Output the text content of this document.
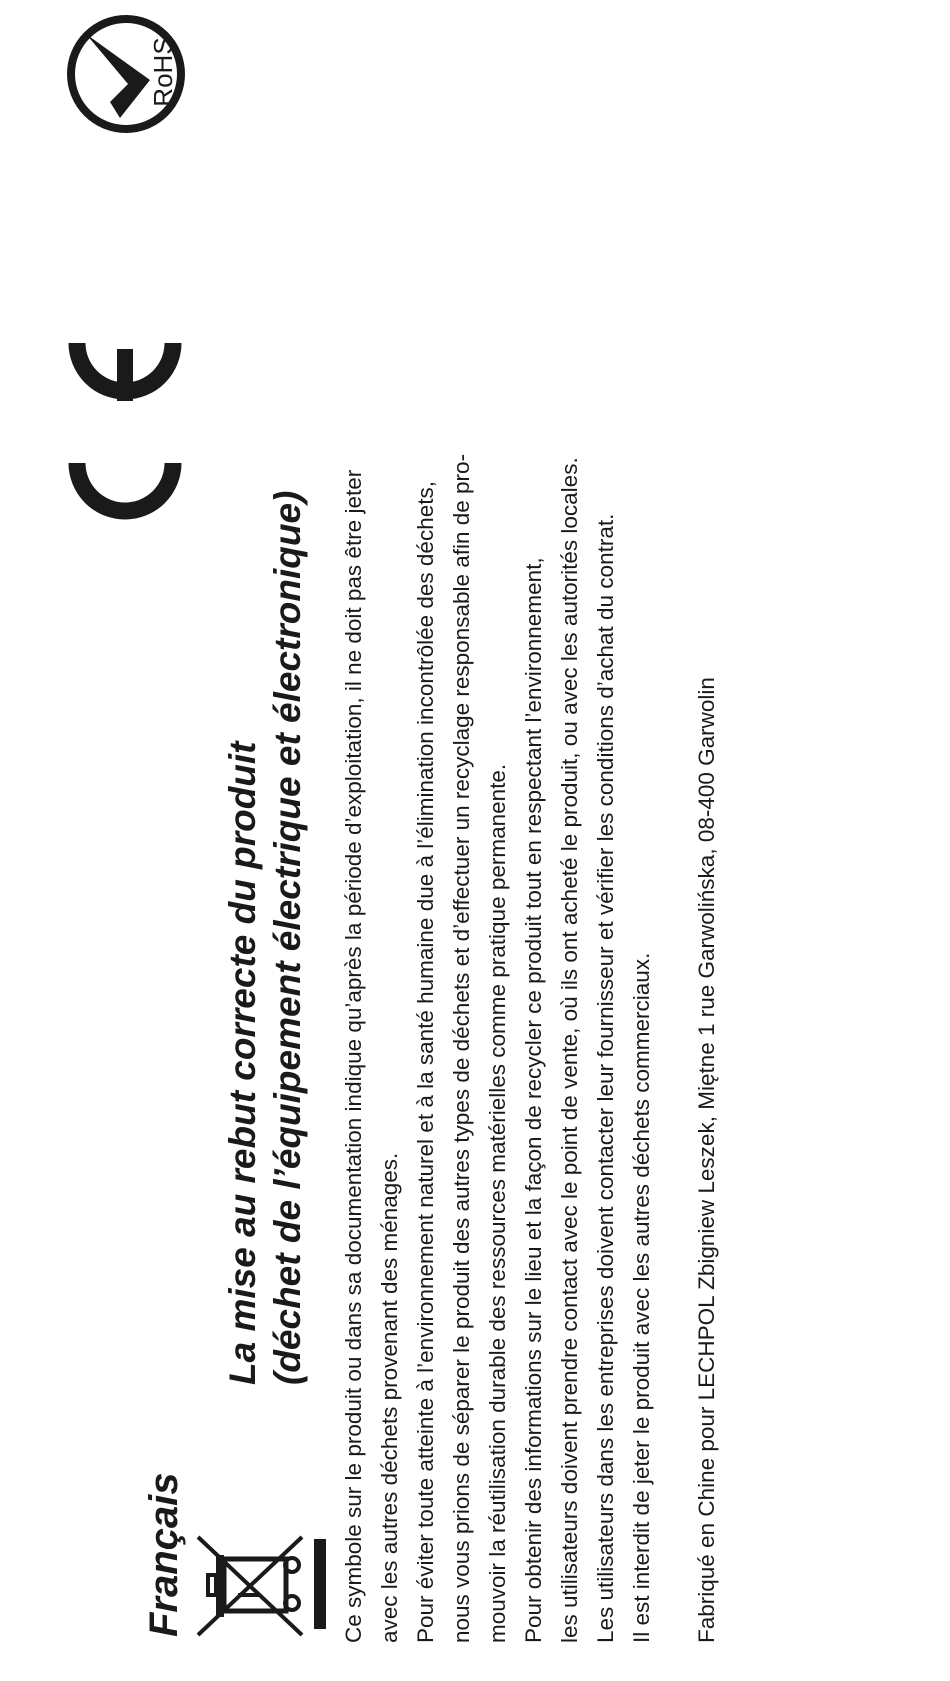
Français
La mise au rebut correcte du produit (déchet de l’équipement électrique et électronique)
RoHS

Ce symbole sur le produit ou dans sa documentation indique qu’après la période d’exploitation, il ne doit pas être jeter avec les autres déchets provenant des ménages. Pour éviter toute atteinte à l’environnement naturel et à la santé humaine due à l’élimination incontrôlée des déchets, nous vous prions de séparer le produit des autres types de déchets et d’effectuer un recyclage responsable afin de pro- mouvoir la réutilisation durable des ressources matérielles comme pratique permanente. Pour obtenir des informations sur le lieu et la façon de recycler ce produit tout en respectant l’environnement, les utilisateurs doivent prendre contact avec le point de vente, où ils ont acheté le produit, ou avec les autorités locales. Les utilisateurs dans les entreprises doivent contacter leur fournisseur et vérifier les conditions d’achat du contrat. Il est interdit de jeter le produit avec les autres déchets commerciaux. Fabriqué en Chine pour LECHPOL Zbigniew Leszek, Miętne 1 rue Garwolińska, 08-400 Garwolin
